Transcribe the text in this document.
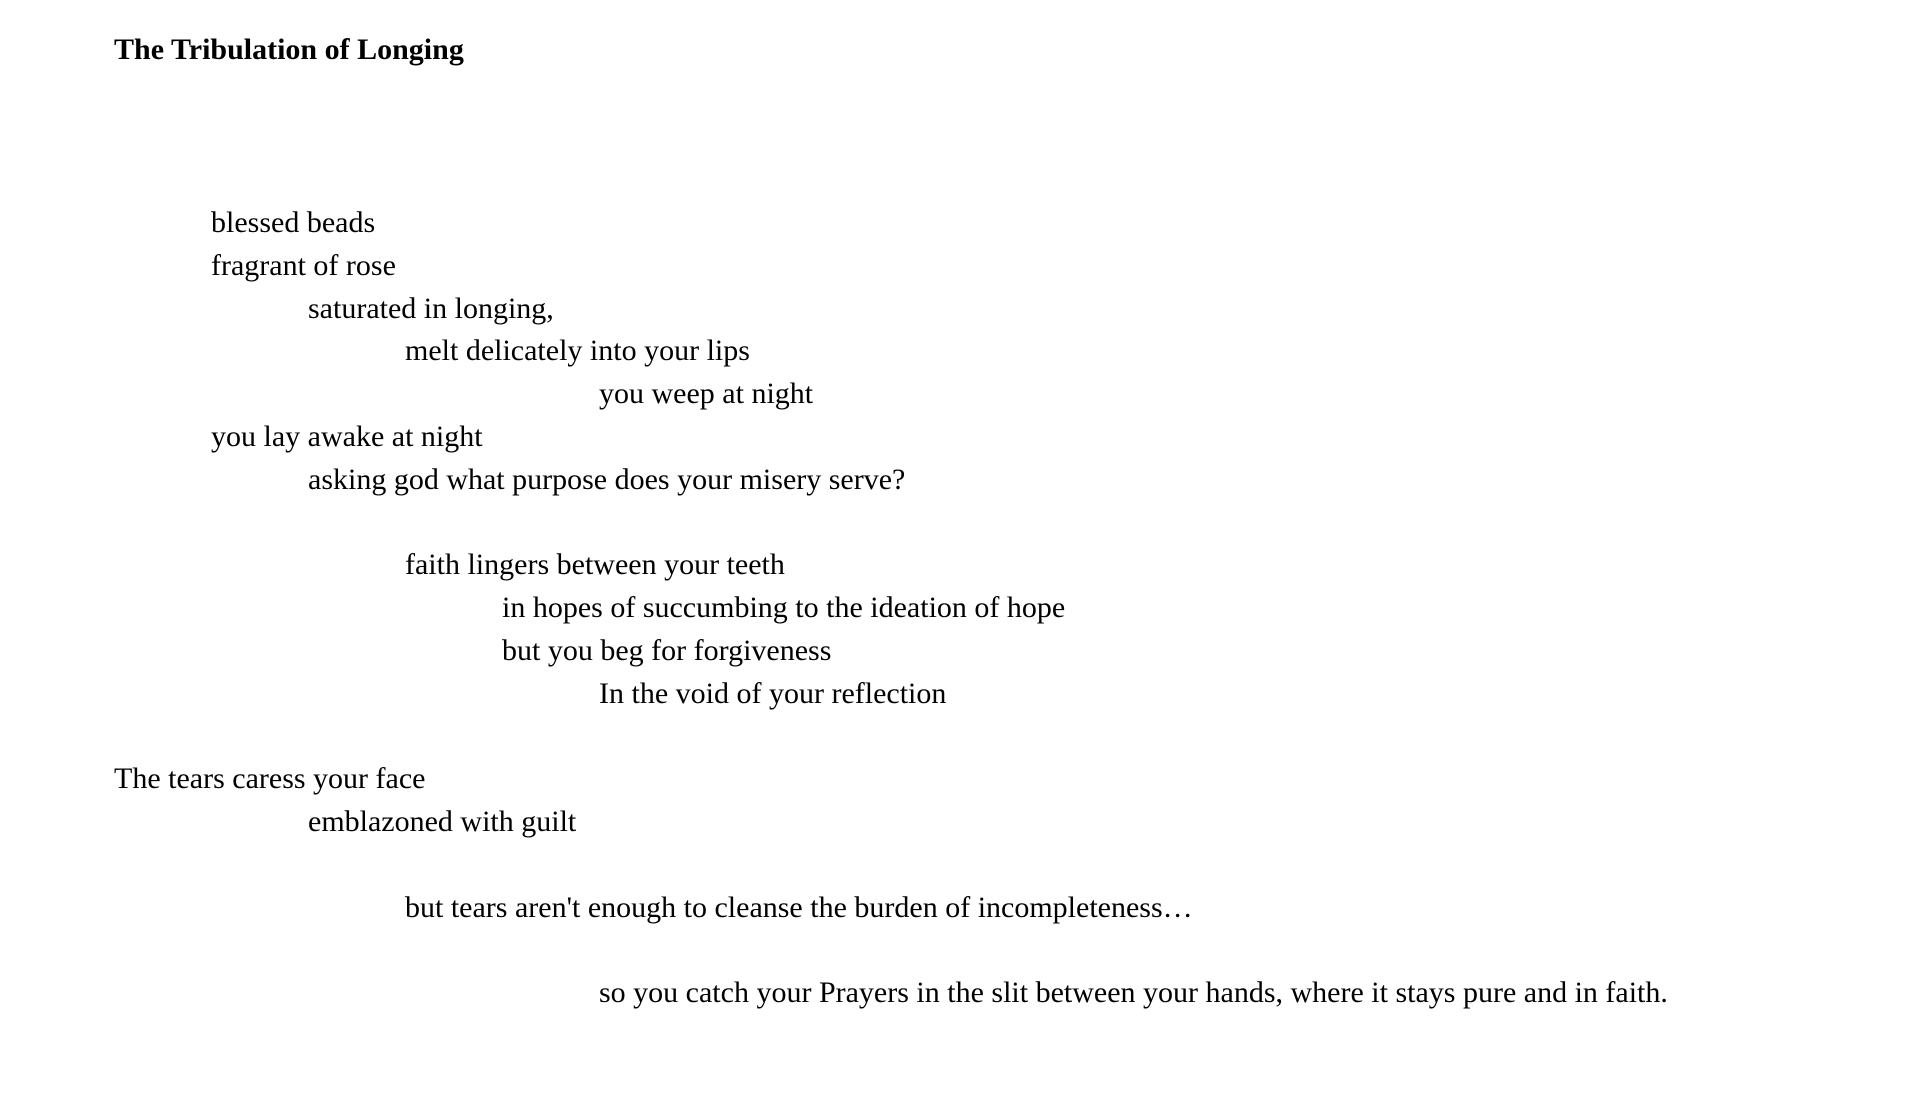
The Tribulation of Longing
blessed beads
fragrant of rose
saturated in longing,
melt delicately into your lips
you weep at night
you lay awake at night
asking god what purpose does your misery serve?
faith lingers between your teeth
in hopes of succumbing to the ideation of hope
but you beg for forgiveness
In the void of your reflection
The tears caress your face
emblazoned with guilt
but tears aren't enough to cleanse the burden of incompleteness…
so you catch your Prayers in the slit between your hands, where it stays pure and in faith.
